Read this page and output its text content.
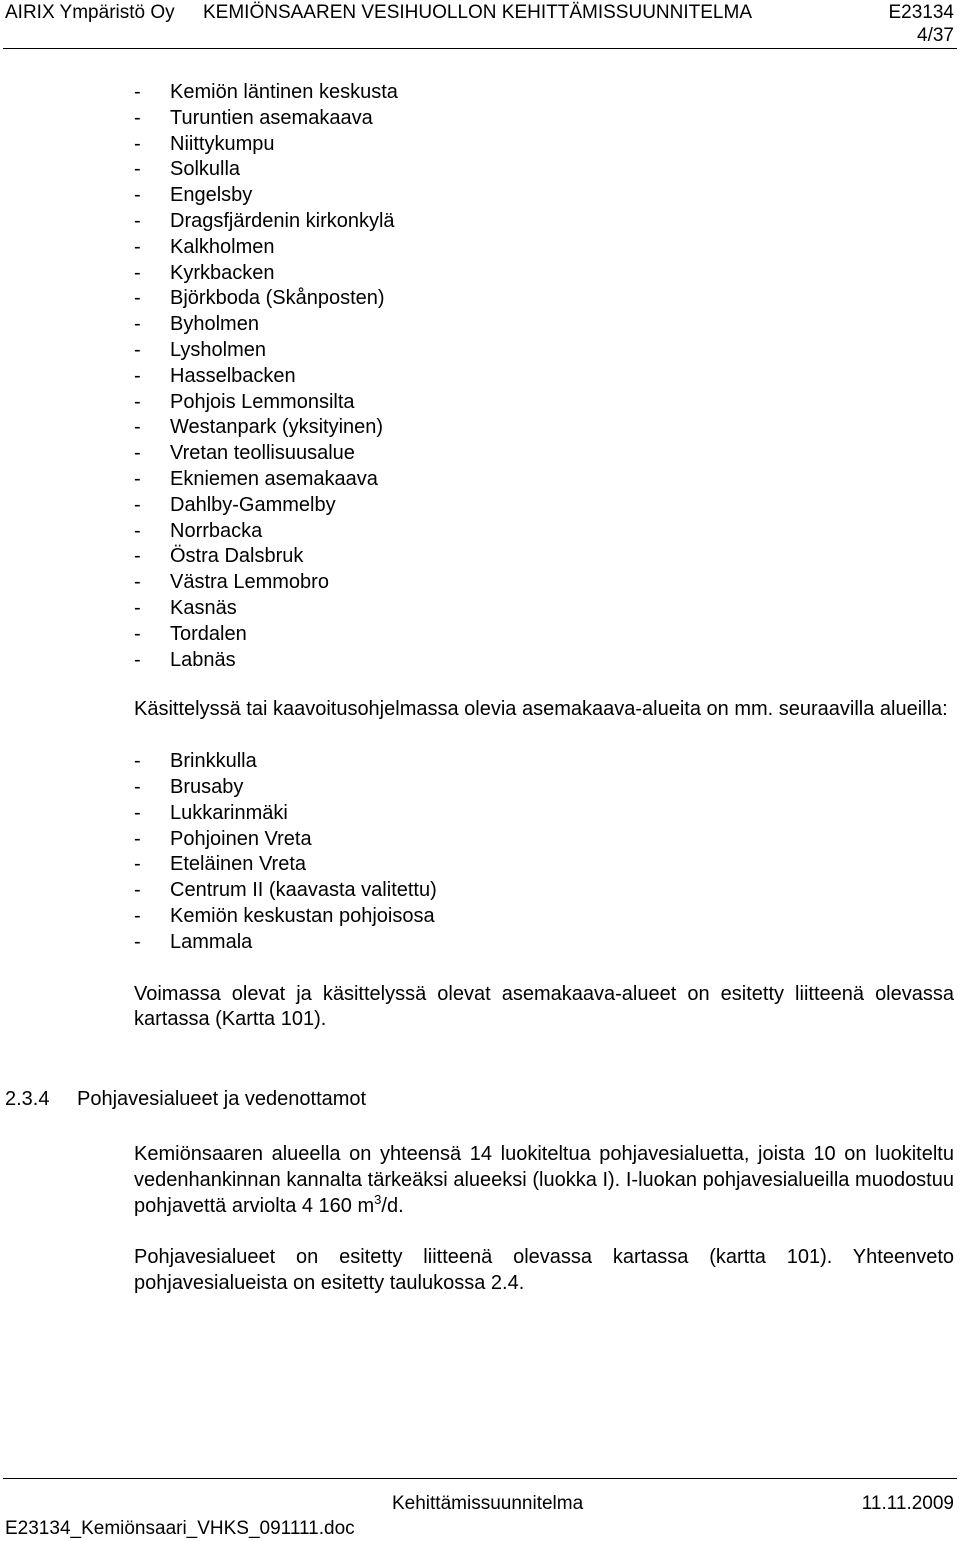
AIRIX Ympäristö Oy KEMIÖNSAAREN VESIHUOLLON KEHITTÄMISSUUNNITELMA	E23134
4/37
- Kemiön läntinen keskusta
- Turuntien asemakaava
- Niittykumpu
- Solkulla
- Engelsby
- Dragsfjärdenin kirkonkylä
- Kalkholmen
- Kyrkbacken
- Björkboda (Skånposten)
- Byholmen
- Lysholmen
- Hasselbacken
- Pohjois Lemmonsilta
- Westanpark (yksityinen)
- Vretan teollisuusalue
- Ekniemen asemakaava
- Dahlby-Gammelby
- Norrbacka
- Östra Dalsbruk
- Västra Lemmobro
- Kasnäs
- Tordalen
- Labnäs

Käsittelyssä tai kaavoitusohjelmassa olevia asemakaava-alueita on mm. seuraavilla alueilla:

- Brinkkulla
- Brusaby
- Lukkarinmäki
- Pohjoinen Vreta
- Eteläinen Vreta
- Centrum II (kaavasta valitettu)
- Kemiön keskustan pohjoisosa
- Lammala

Voimassa olevat ja käsittelyssä olevat asemakaava-alueet on esitetty liitteenä olevassa kartassa (Kartta 101).

2.3.4 Pohjavesialueet ja vedenottamot

Kemiönsaaren alueella on yhteensä 14 luokiteltua pohjavesialuetta, joista 10 on luokiteltu vedenhankinnan kannalta tärkeäksi alueeksi (luokka I). I-luokan pohjavesialueilla muodostuu pohjavettä arviolta 4 160 $m^3/d$.

Pohjavesialueet on esitetty liitteenä olevassa kartassa (kartta 101). Yhteenveto pohjavesialueista on esitetty taulukossa 2.4.

Kehittämissuunnitelma	11.11.2009
E23134_Kemiönsaari_VHKS_091111.doc
